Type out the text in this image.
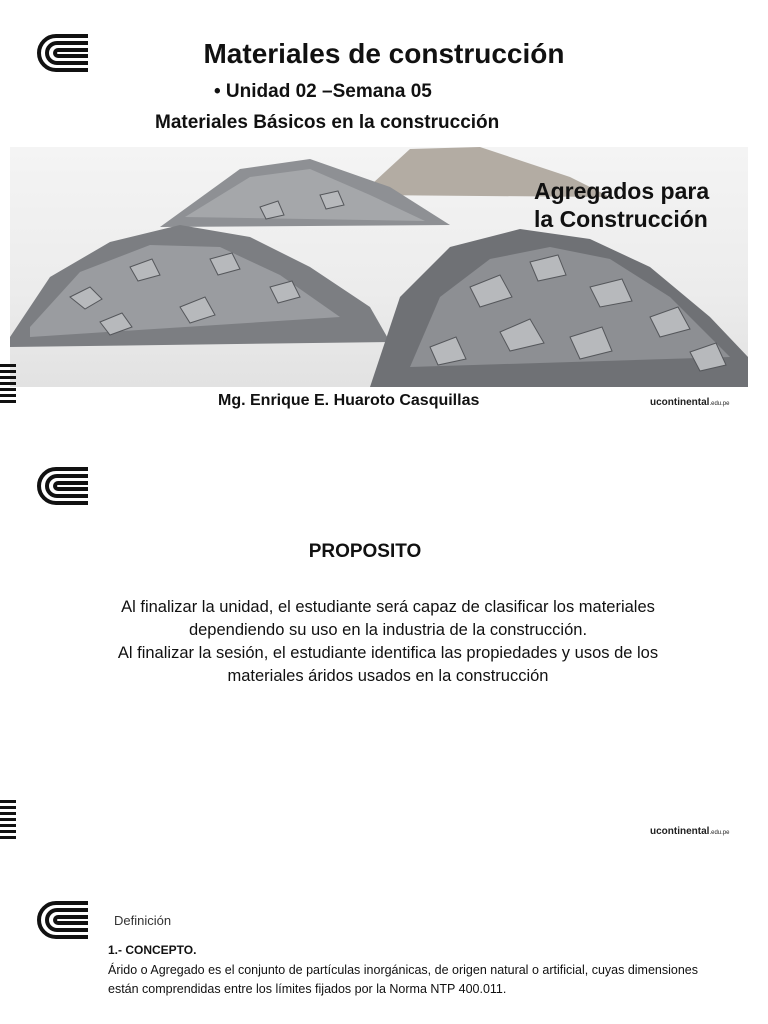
Materiales de construcción
• Unidad 02 –Semana 05
Materiales Básicos en la construcción
Agregados para
la Construcción
Mg. Enrique E. Huaroto Casquillas	ucontinental.edu.pe
PROPOSITO

Al finalizar la unidad, el estudiante será capaz de clasificar los materiales dependiendo su uso en la industria de la construcción.

Al finalizar la sesión, el estudiante identifica las propiedades y usos de los materiales áridos usados en la construcción

ucontinental.edu.pe
Definición
1.- CONCEPTO.
Árido o Agregado es el conjunto de partículas inorgánicas, de origen natural o artificial, cuyas dimensiones están comprendidas entre los límites fijados por la Norma NTP 400.011.
